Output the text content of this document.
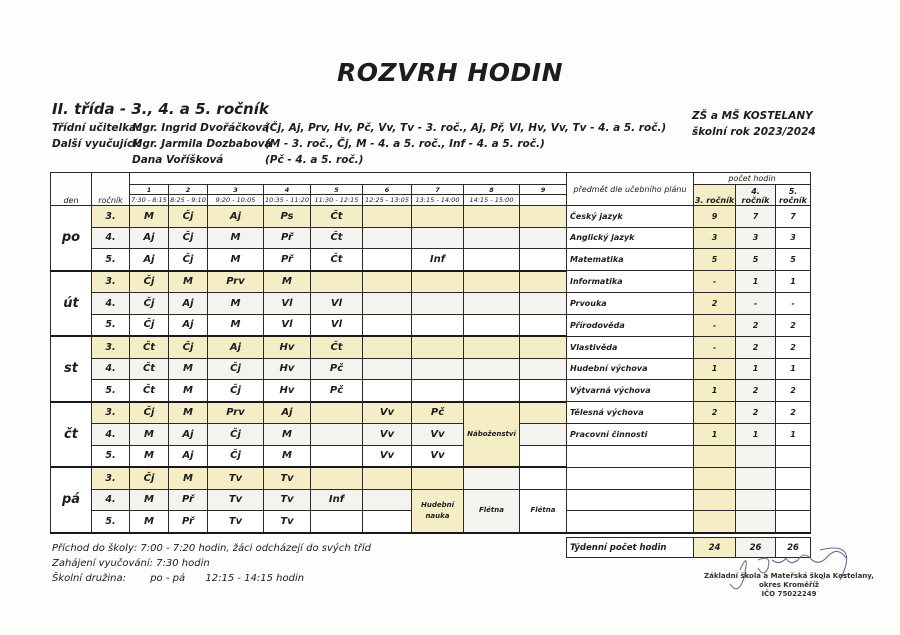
ROZVRH HODIN
II. třída - 3., 4. a 5. ročník
Třídní učitelka:
Mgr. Ingrid Dvořáčková
(Čj, Aj, Prv, Hv, Pč, Vv, Tv - 3. roč., Aj, Př, Vl, Hv, Vv, Tv - 4. a 5. roč.)
Další vyučující:
Mgr. Jarmila Dozbabová
(M - 3. roč., Čj, M - 4. a 5. roč., Inf - 4. a 5. roč.)
Dana Voříšková	(Pč - 4. a 5. roč.)
ZŠ a MŠ KOSTELANY
školní rok 2023/2024
den	ročník										předmět dle učebního plánu	počet hodin		
		1	2	3	4	5	6	7	8	9		3. ročník	4. ročník	5. ročník
		7:30 - 8:15	8:25 - 9:10	9:20 - 10:05	10:35 - 11:20	11:30 - 12:15	12:25 - 13:05	13:15 - 14:00	14:15 - 15:00					
po	3.	M	Čj	Aj	Ps	Čt					Český jazyk	9	7	7
	4.	Aj	Čj	M	Př	Čt					Anglický jazyk	3	3	3
	5.	Aj	Čj	M	Př	Čt		Inf			Matematika	5	5	5
út	3.	Čj	M	Prv	M						Informatika	-	1	1
	4.	Čj	Aj	M	Vl	Vl					Prvouka	2	-	-
	5.	Čj	Aj	M	Vl	Vl					Přírodověda	-	2	2
st	3.	Čt	Čj	Aj	Hv	Čt					Vlastivěda	-	2	2
	4.	Čt	M	Čj	Hv	Pč					Hudební výchova	1	1	1
	5.	Čt	M	Čj	Hv	Pč					Výtvarná výchova	1	2	2
čt	3.	Čj	M	Prv	Aj		Vv	Pč	Náboženství		Tělesná výchova	2	2	2
	4.	M	Aj	Čj	M		Vv	Vv			Pracovní činnosti	1	1	1
	5.	M	Aj	Čj	M		Vv	Vv						
pá	3.	Čj	M	Tv	Tv									
	4.	M	Př	Tv	Tv	Inf		Hudební nauka	Flétna	Flétna				
	5.	M	Př	Tv	Tv									
Týdenní počet hodin	24	26	26
Příchod do školy: 7:00 - 7:20 hodin, žáci odcházejí do svých tříd
Zahájení vyučování: 7:30 hodin
Školní družina: po - pá 12:15 - 14:15 hodin	Základní škola a Mateřská škola Kostelany,
okres Kroměříž
IČO 75022249
